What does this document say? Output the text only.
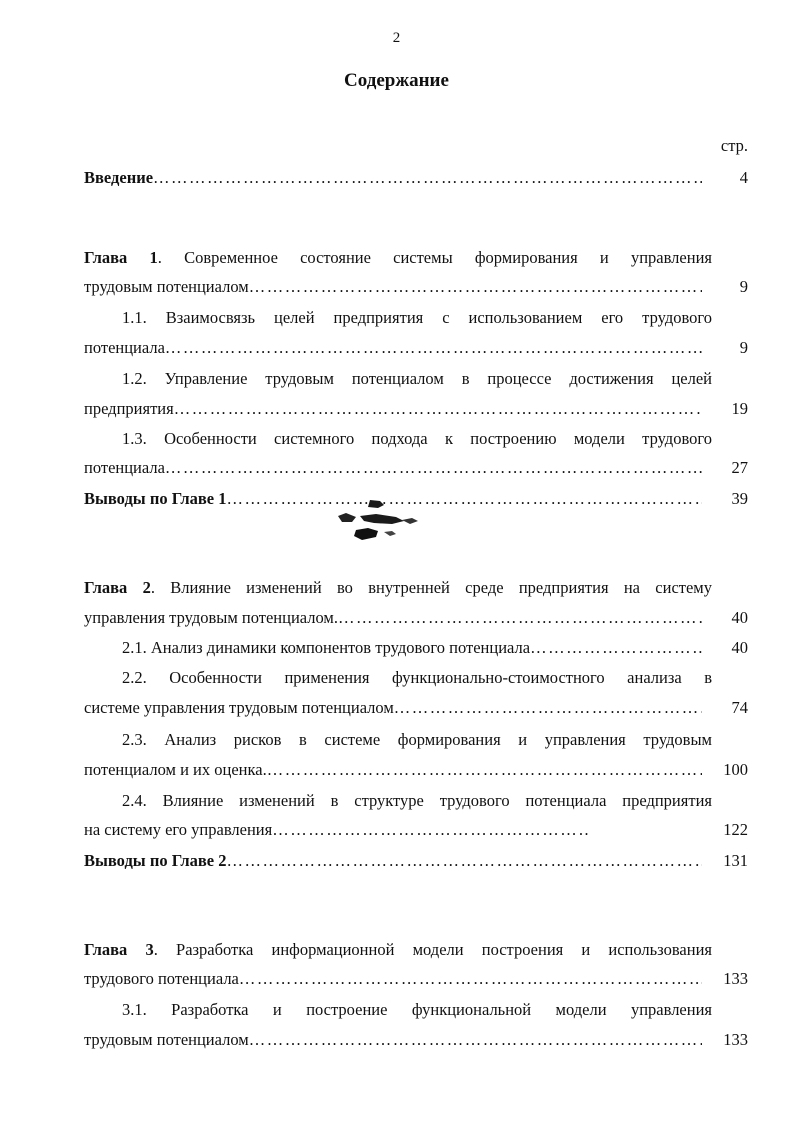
2
Содержание
стр.
Введение ……………………………………………………………………………………………………………………………………………………	4
Глава 1. Современное состояние системы формирования и управления
трудовым потенциалом ……………………………………………………………………………………………………………………………………………………	9
1.1. Взаимосвязь целей предприятия с использованием его трудового
потенциала ……………………………………………………………………………………………………………………………………………………	9
1.2. Управление трудовым потенциалом в процессе достижения целей
предприятия ……………………………………………………………………………………………………………………………………………………	19
1.3. Особенности системного подхода к построению модели трудового
потенциала ……………………………………………………………………………………………………………………………………………………	27
Выводы по Главе 1 ……………………………………………………………………………………………………………………………………………………	39
Глава 2. Влияние изменений во внутренней среде предприятия на систему
управления трудовым потенциалом. ……………………………………………………………………………………………………………………………………………………	40
2.1. Анализ динамики компонентов трудового потенциала ……………………………………………………………………………………………………………………………………………………	40
2.2. Особенности применения функционально-стоимостного анализа в
системе управления трудовым потенциалом ……………………………………………………………………………………………………………………………………………………	74
2.3. Анализ рисков в системе формирования и управления трудовым
потенциалом и их оценка. ……………………………………………………………………………………………………………………………………………………	100
2.4. Влияние изменений в структуре трудового потенциала предприятия
на систему его управления ……………………………………………………………………………………………………………………………………………………	122
Выводы по Главе 2 ……………………………………………………………………………………………………………………………………………………	131
Глава 3. Разработка информационной модели построения и использования
трудового потенциала ……………………………………………………………………………………………………………………………………………………	133
3.1. Разработка и построение функциональной модели управления
трудовым потенциалом ……………………………………………………………………………………………………………………………………………………	133
